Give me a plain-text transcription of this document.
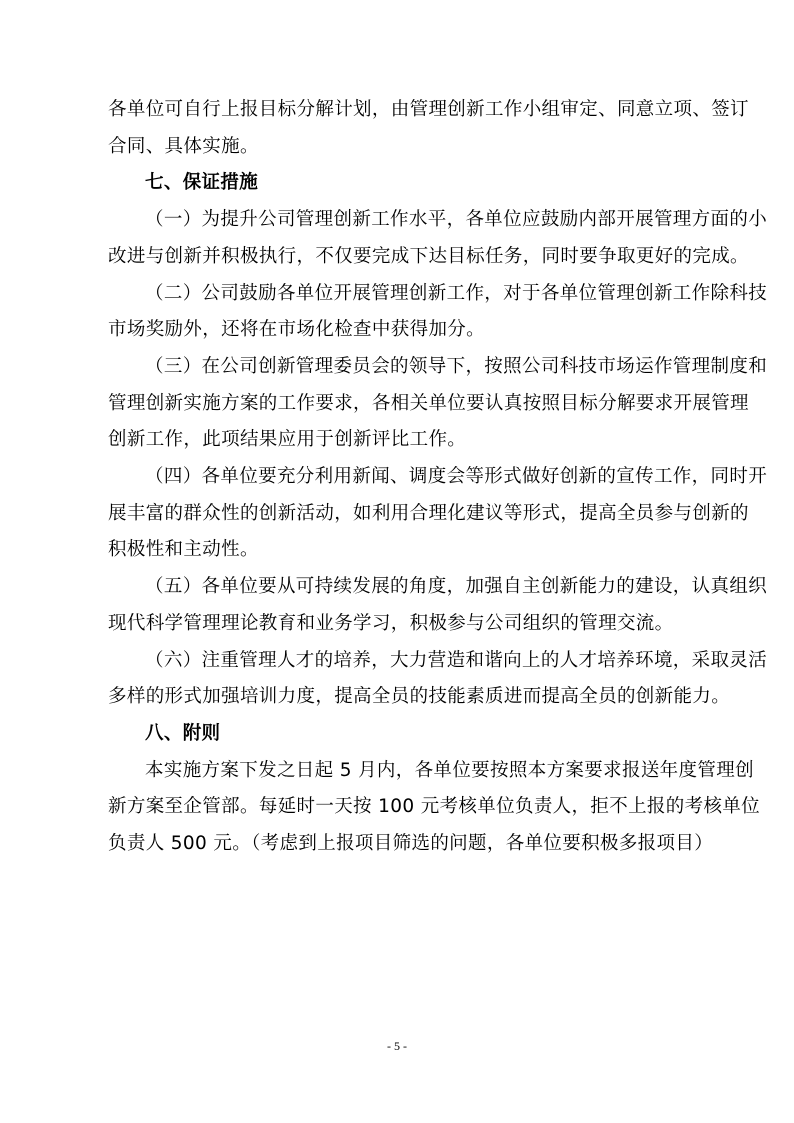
各单位可自行上报目标分解计划，由管理创新工作小组审定、同意立项、签订
合同、具体实施。
七、保证措施
（一）为提升公司管理创新工作水平，各单位应鼓励内部开展管理方面的小
改进与创新并积极执行，不仅要完成下达目标任务，同时要争取更好的完成。
（二）公司鼓励各单位开展管理创新工作，对于各单位管理创新工作除科技
市场奖励外，还将在市场化检查中获得加分。
（三）在公司创新管理委员会的领导下，按照公司科技市场运作管理制度和
管理创新实施方案的工作要求，各相关单位要认真按照目标分解要求开展管理
创新工作，此项结果应用于创新评比工作。
（四）各单位要充分利用新闻、调度会等形式做好创新的宣传工作，同时开
展丰富的群众性的创新活动，如利用合理化建议等形式，提高全员参与创新的
积极性和主动性。
（五）各单位要从可持续发展的角度，加强自主创新能力的建设，认真组织
现代科学管理理论教育和业务学习，积极参与公司组织的管理交流。
（六）注重管理人才的培养，大力营造和谐向上的人才培养环境，采取灵活
多样的形式加强培训力度，提高全员的技能素质进而提高全员的创新能力。
八、附则
本实施方案下发之日起 5 月内，各单位要按照本方案要求报送年度管理创
新方案至企管部。每延时一天按 100 元考核单位负责人，拒不上报的考核单位
负责人 500 元。（考虑到上报项目筛选的问题，各单位要积极多报项目）
- 5 -
